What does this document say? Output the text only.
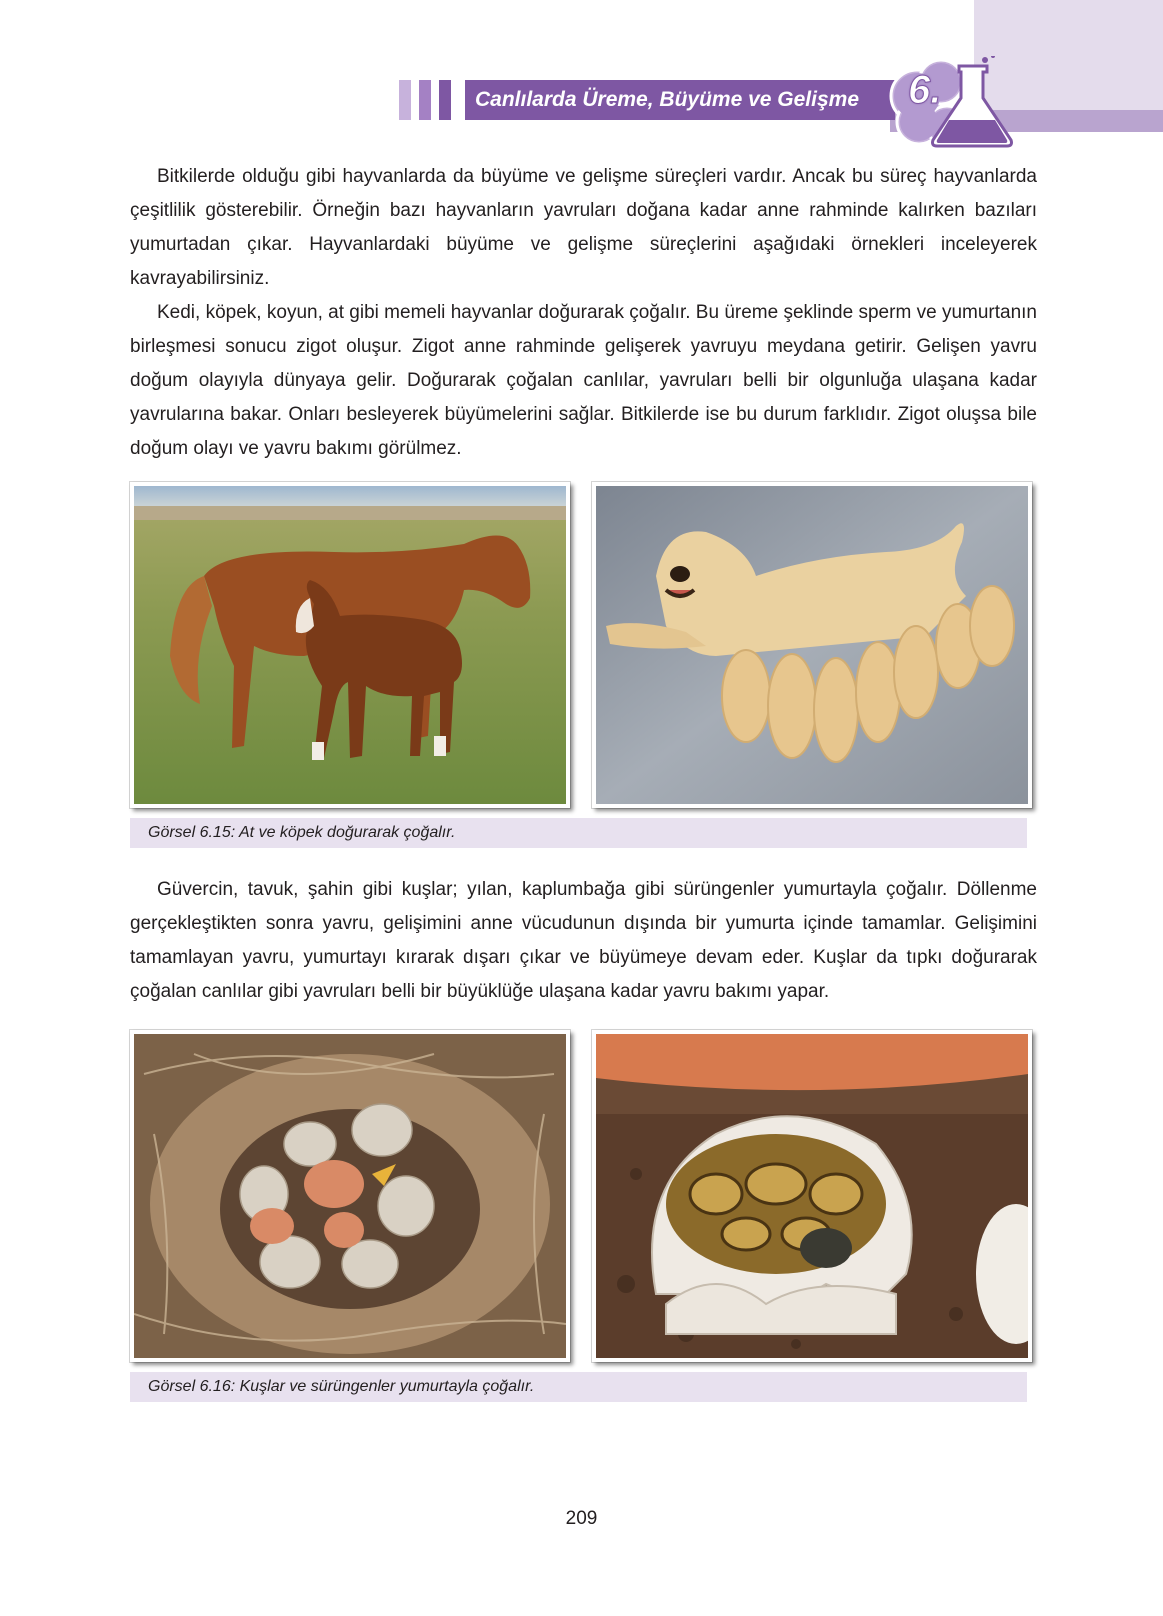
Canlılarda Üreme, Büyüme ve Gelişme	6.

Bitkilerde olduğu gibi hayvanlarda da büyüme ve gelişme süreçleri vardır. Ancak bu süreç hayvanlarda çeşitlilik gösterebilir. Örneğin bazı hayvanların yavruları doğana kadar anne rahminde kalırken bazıları yumurtadan çıkar. Hayvanlardaki büyüme ve gelişme süreçlerini aşağıdaki örnekleri inceleyerek kavrayabilirsiniz.

Kedi, köpek, koyun, at gibi memeli hayvanlar doğurarak çoğalır. Bu üreme şeklinde sperm ve yumurtanın birleşmesi sonucu zigot oluşur. Zigot anne rahminde gelişerek yavruyu meydana getirir. Gelişen yavru doğum olayıyla dünyaya gelir. Doğurarak çoğalan canlılar, yavruları belli bir olgunluğa ulaşana kadar yavrularına bakar. Onları besleyerek büyümelerini sağlar. Bitkilerde ise bu durum farklıdır. Zigot oluşsa bile doğum olayı ve yavru bakımı görülmez.

Görsel 6.15: At ve köpek doğurarak çoğalır.

Güvercin, tavuk, şahin gibi kuşlar; yılan, kaplumbağa gibi sürüngenler yumurtayla çoğalır. Döllenme gerçekleştikten sonra yavru, gelişimini anne vücudunun dışında bir yumurta içinde tamamlar. Gelişimini tamamlayan yavru, yumurtayı kırarak dışarı çıkar ve büyümeye devam eder. Kuşlar da tıpkı doğurarak çoğalan canlılar gibi yavruları belli bir büyüklüğe ulaşana kadar yavru bakımı yapar.

Görsel 6.16: Kuşlar ve sürüngenler yumurtayla çoğalır.
209
